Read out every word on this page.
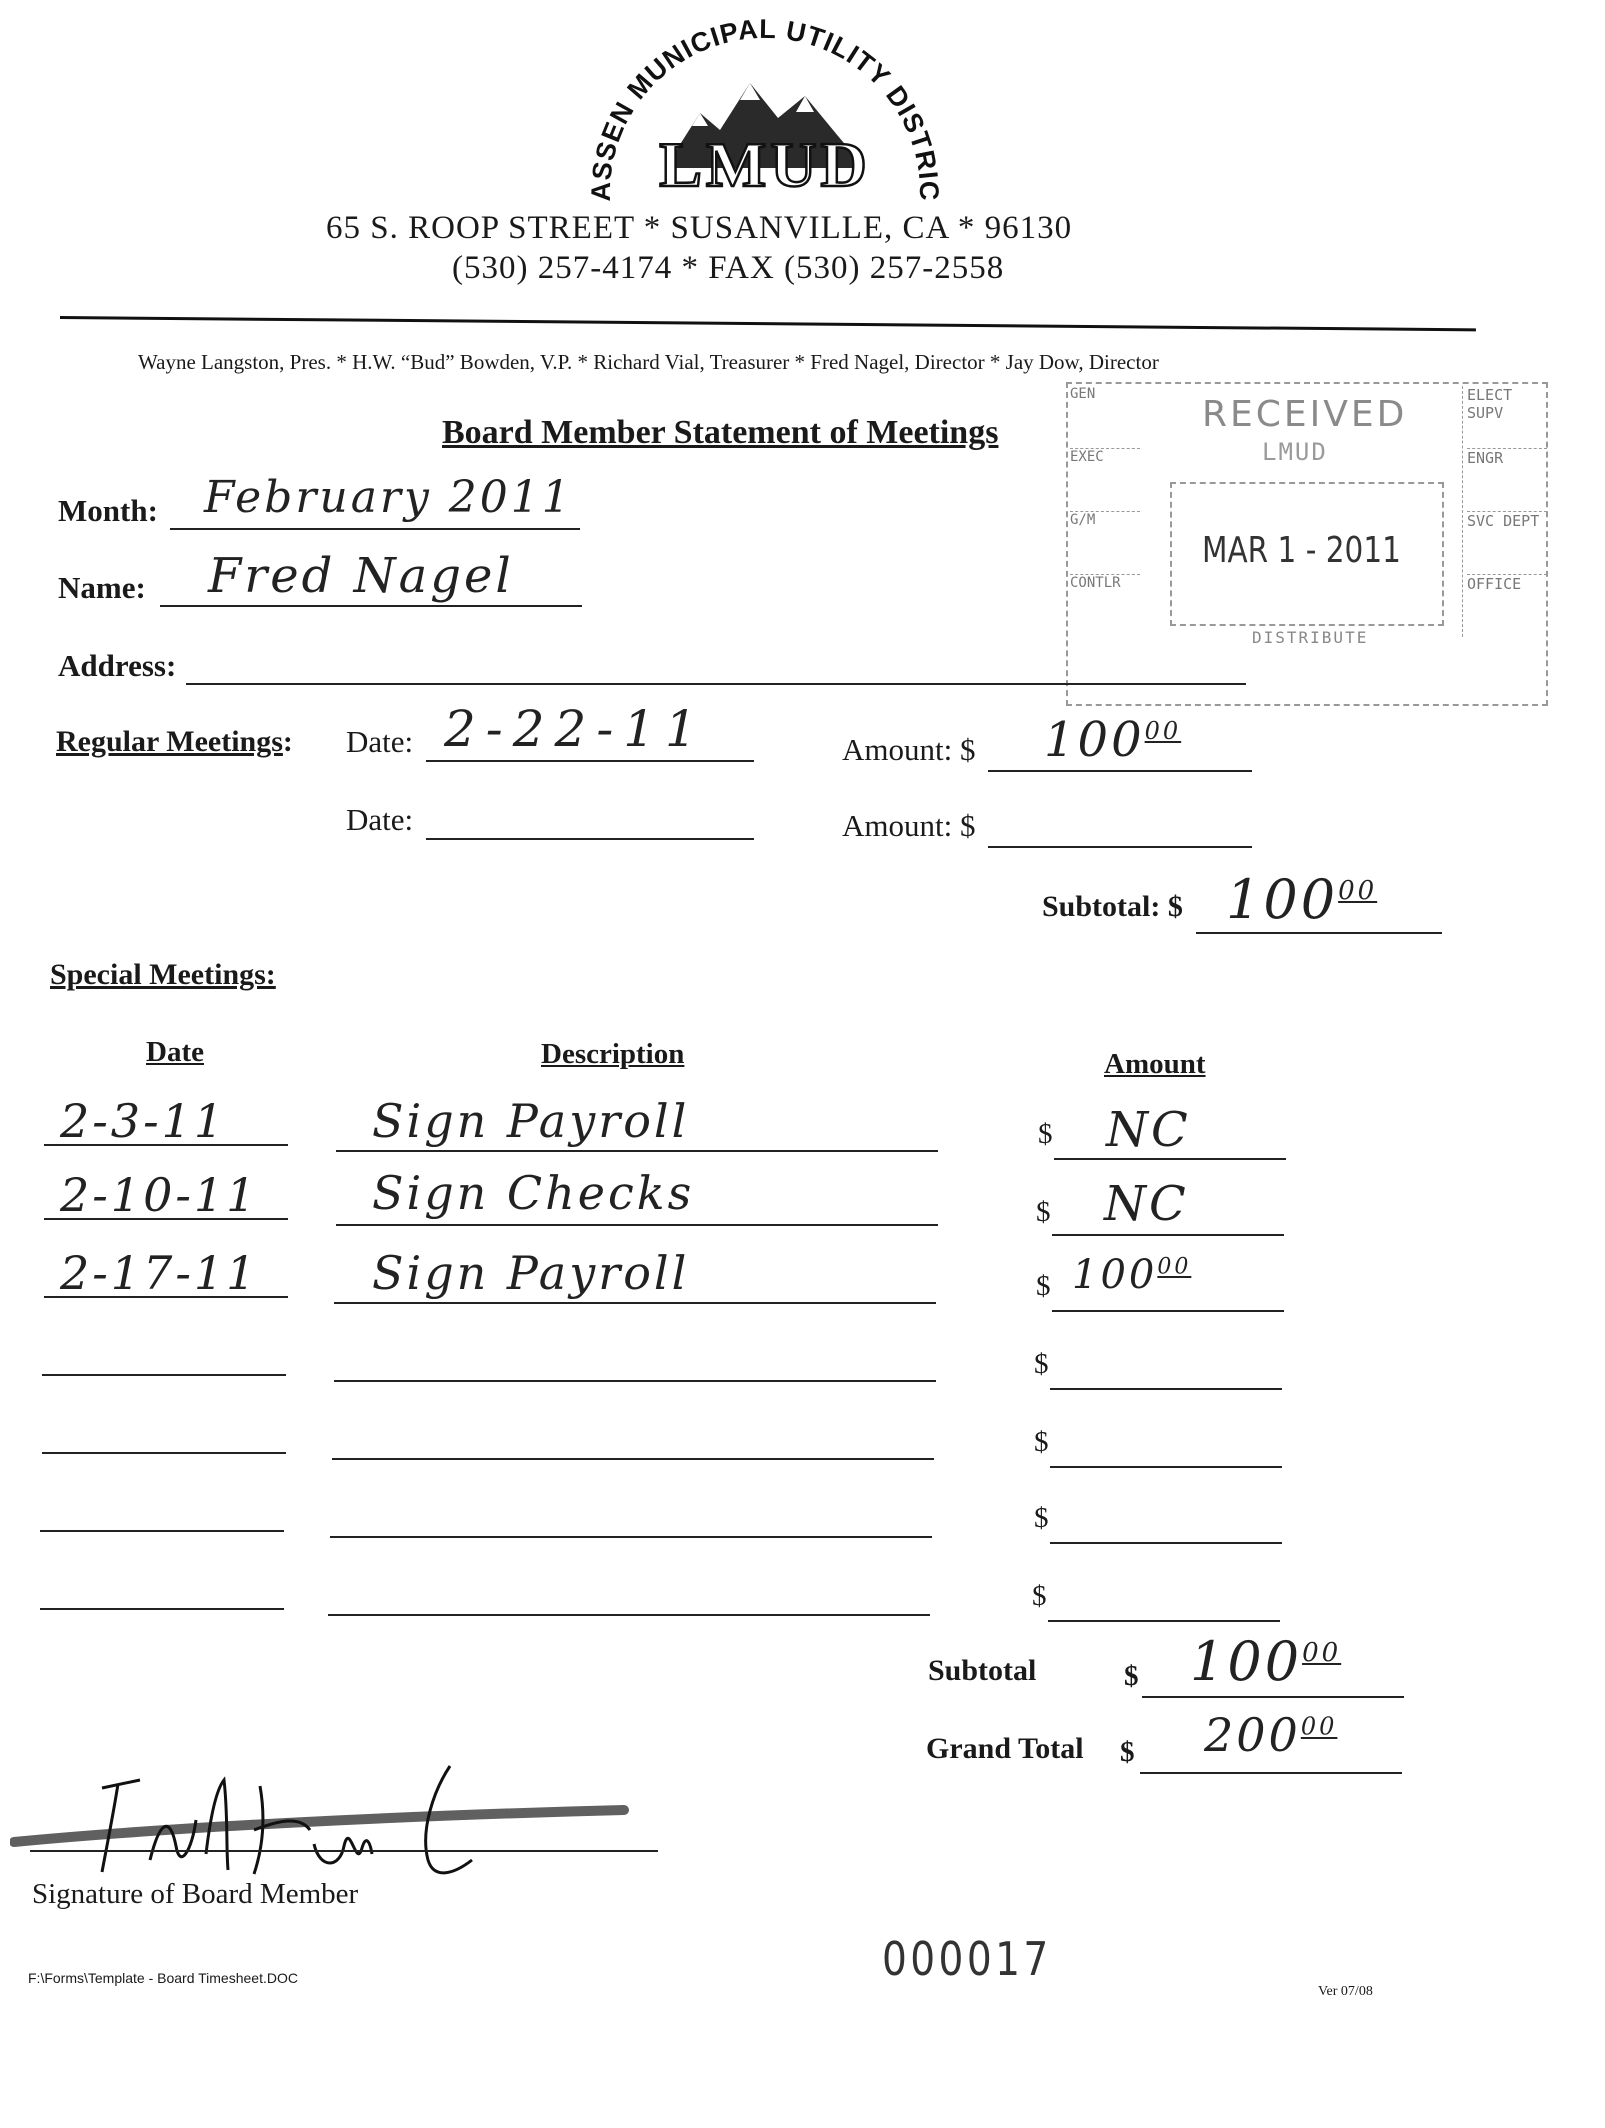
ASSEN MUNICIPAL UTILITY DISTRIC
LMUD
65 S. ROOP STREET * SUSANVILLE, CA * 96130
(530) 257-4174 * FAX (530) 257-2558
Wayne Langston, Pres. * H.W. “Bud” Bowden, V.P. * Richard Vial, Treasurer * Fred Nagel, Director * Jay Dow, Director
GEN
EXEC
G/M
CONTLR
ELECT SUPV
ENGR
SVC DEPT
OFFICE
RECEIVED
LMUD
MAR 1 - 2011
DISTRIBUTE
Board Member Statement of Meetings
Month: February 2011
Name: Fred Nagel
Address:
Regular Meetings: Date: 2-22-11	Amount: $ $100^{00}$
Date:	Amount: $
Subtotal: $ $100^{00}$
Special Meetings:
Date	Description	Amount
2-3-11	Sign Payroll	$ NC
2-10-11 Sign Checks	$ NC
2-17-11 Sign Payroll	$ $100^{00}$
$
$
$
$
Subtotal	$ $100^{00}$
Grand Total $ $200^{00}$
Signature of Board Member
F:\Forms\Template - Board Timesheet.DOC	000017
Ver 07/08
